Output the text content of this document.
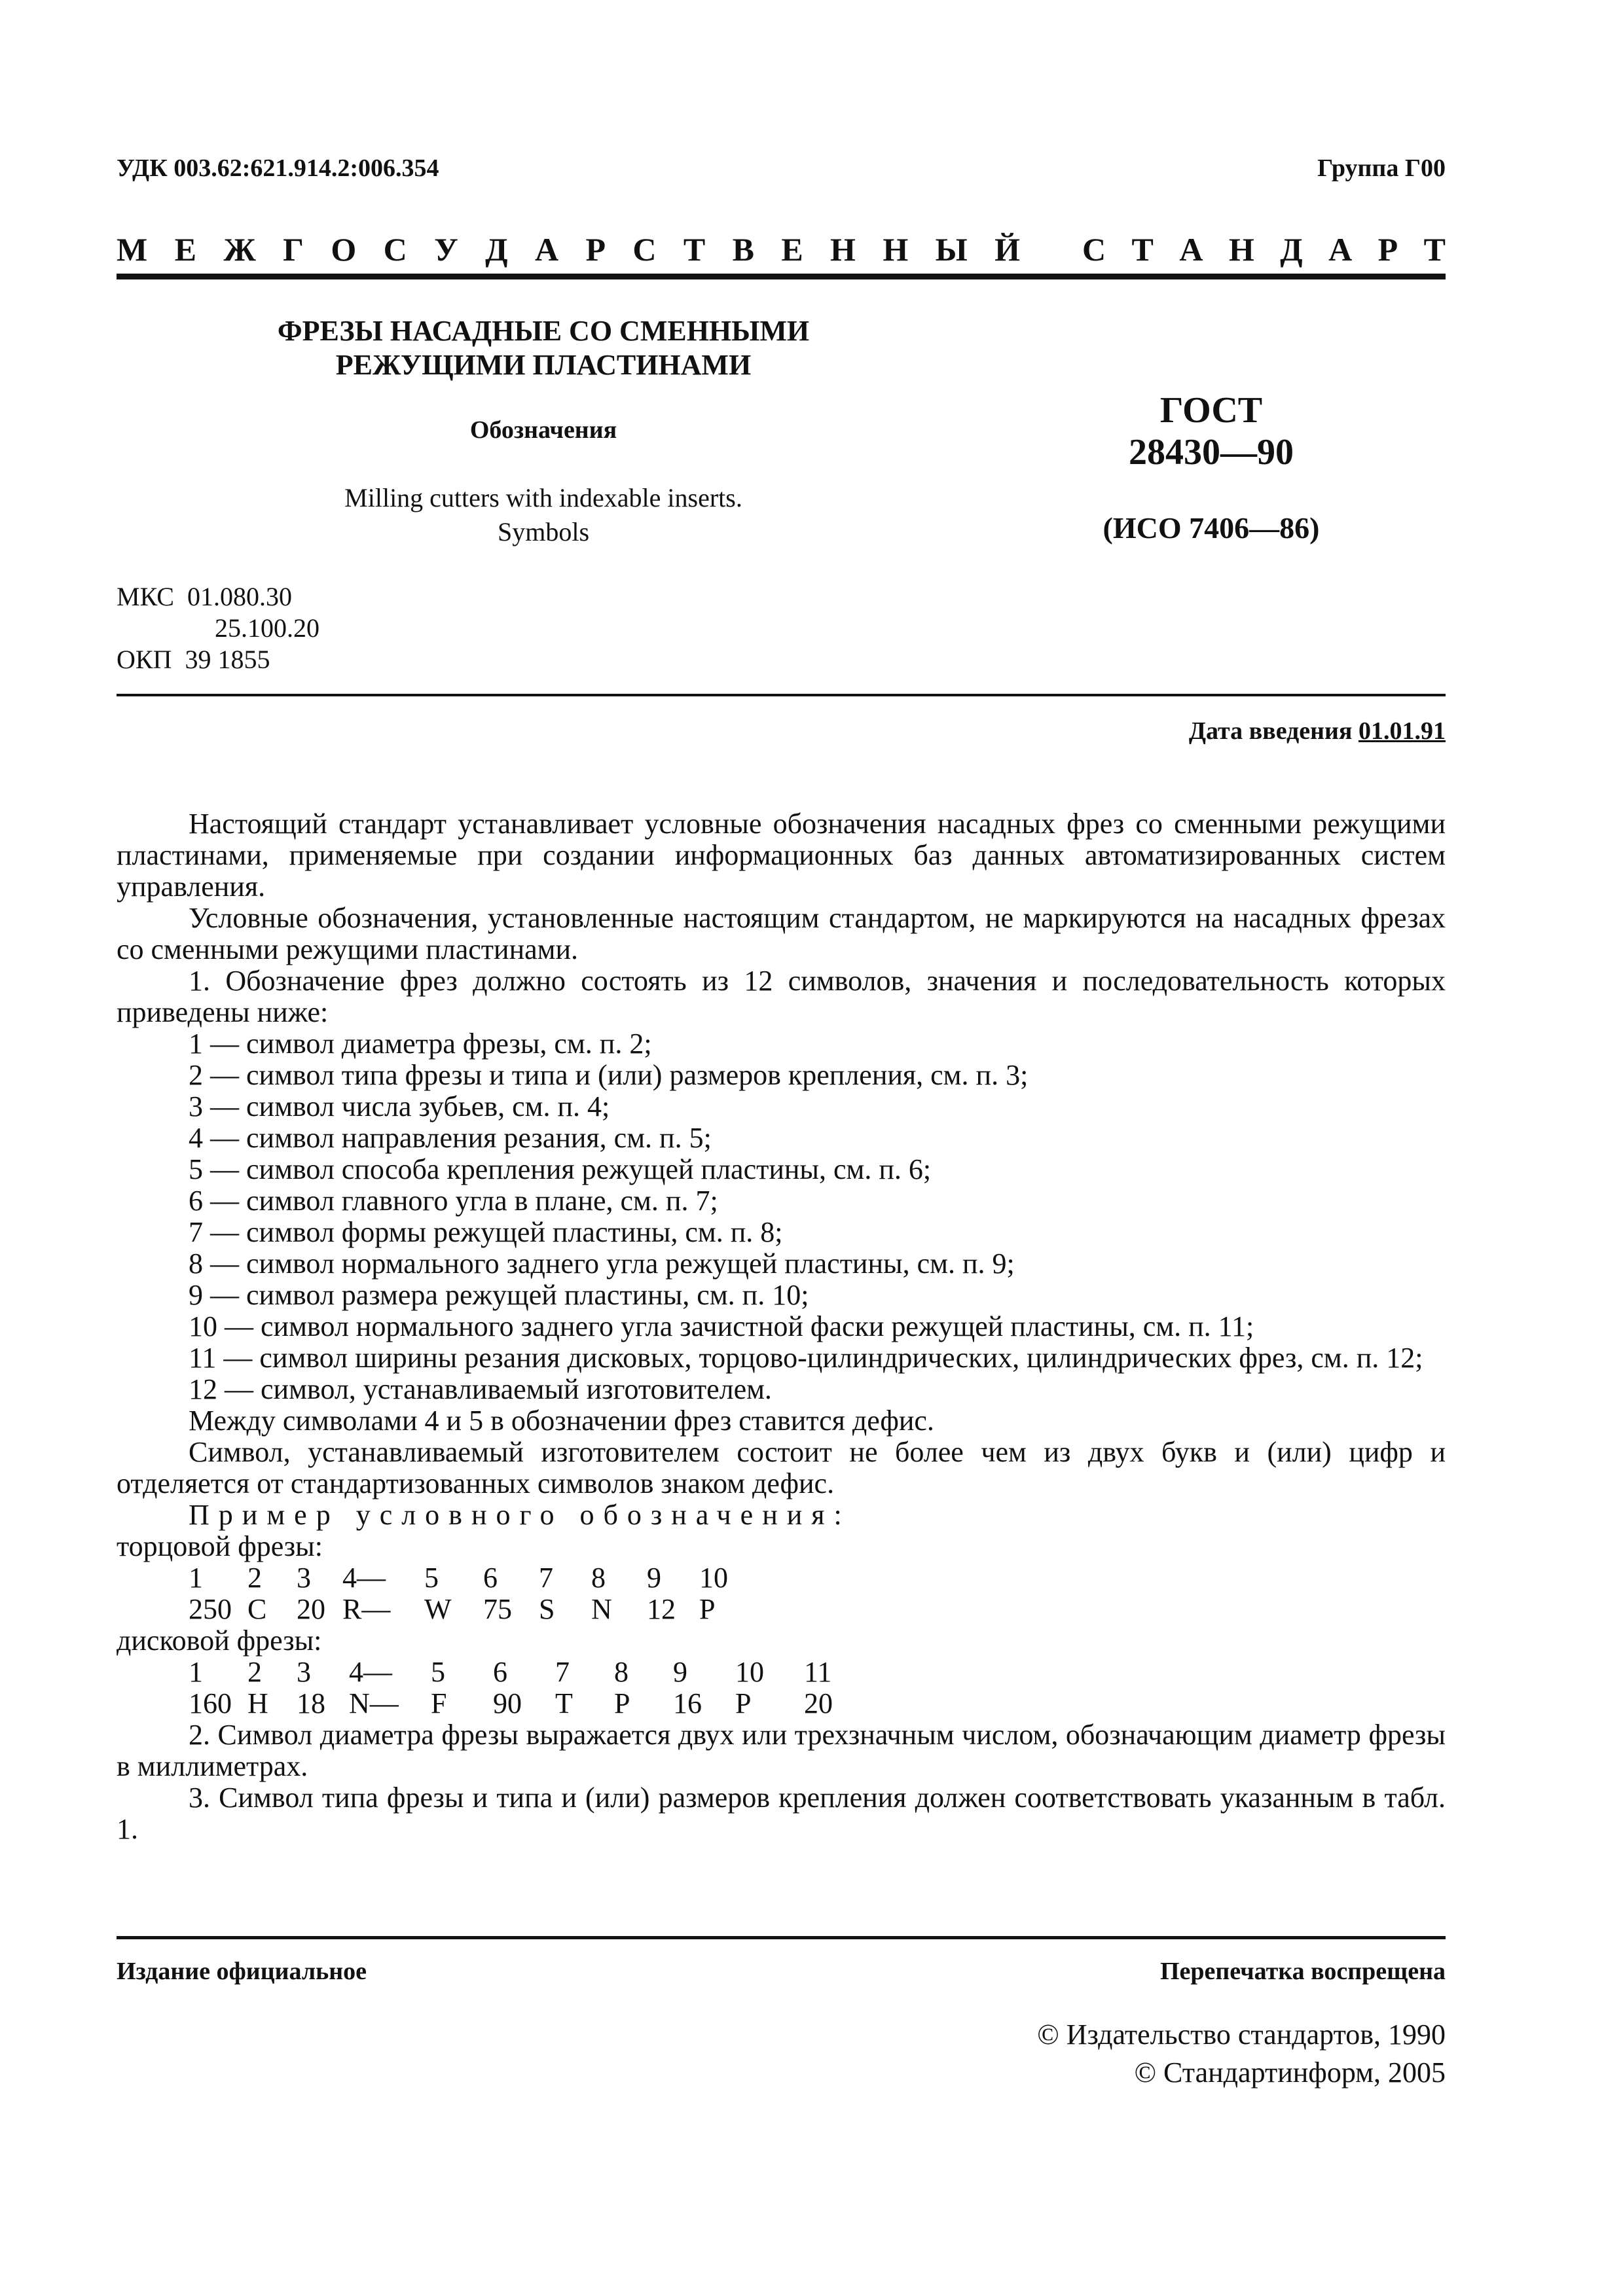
УДК 003.62:621.914.2:006.354	Группа Г00
М Е Ж Г О С У Д А Р С Т В Е Н Н Ы Й С Т А Н Д А Р Т
ФРЕЗЫ НАСАДНЫЕ СО СМЕННЫМИ
РЕЖУЩИМИ ПЛАСТИНАМИ
Обозначения
Milling cutters with indexable inserts.
Symbols
ГОСТ
28430—90
(ИСО 7406—86)
МКС 01.080.30
25.100.20
ОКП 39 1855
Дата введения 01.01.91

Настоящий стандарт устанавливает условные обозначения насадных фрез со сменными режущими пластинами, применяемые при создании информационных баз данных автоматизированных систем управления.

Условные обозначения, установленные настоящим стандартом, не маркируются на насадных фрезах со сменными режущими пластинами.

1. Обозначение фрез должно состоять из 12 символов, значения и последовательность которых приведены ниже:

1 — символ диаметра фрезы, см. п. 2;

2 — символ типа фрезы и типа и (или) размеров крепления, см. п. 3;

3 — символ числа зубьев, см. п. 4;

4 — символ направления резания, см. п. 5;

5 — символ способа крепления режущей пластины, см. п. 6;

6 — символ главного угла в плане, см. п. 7;

7 — символ формы режущей пластины, см. п. 8;

8 — символ нормального заднего угла режущей пластины, см. п. 9;

9 — символ размера режущей пластины, см. п. 10;

10 — символ нормального заднего угла зачистной фаски режущей пластины, см. п. 11;

11 — символ ширины резания дисковых, торцово-цилиндрических, цилиндрических фрез, см. п. 12;

12 — символ, устанавливаемый изготовителем.

Между символами 4 и 5 в обозначении фрез ставится дефис.

Символ, устанавливаемый изготовителем состоит не более чем из двух букв и (или) цифр и отделяется от стандартизованных символов знаком дефис.

Пример условного обозначения:

торцовой фрезы:

1 2 3 4— 5 6 7 8 9 10
250 C 20 R— W 75 S N 12 P

дисковой фрезы:

1 2 3 4— 5 6 7 8 9 10 11
160 H 18 N— F 90 T P 16 P 20

2. Символ диаметра фрезы выражается двух или трехзначным числом, обозначающим диаметр фрезы в миллиметрах.

3. Символ типа фрезы и типа и (или) размеров крепления должен соответствовать указанным в табл. 1.

Издание официальное	Перепечатка воспрещена
© Издательство стандартов, 1990
© Стандартинформ, 2005
